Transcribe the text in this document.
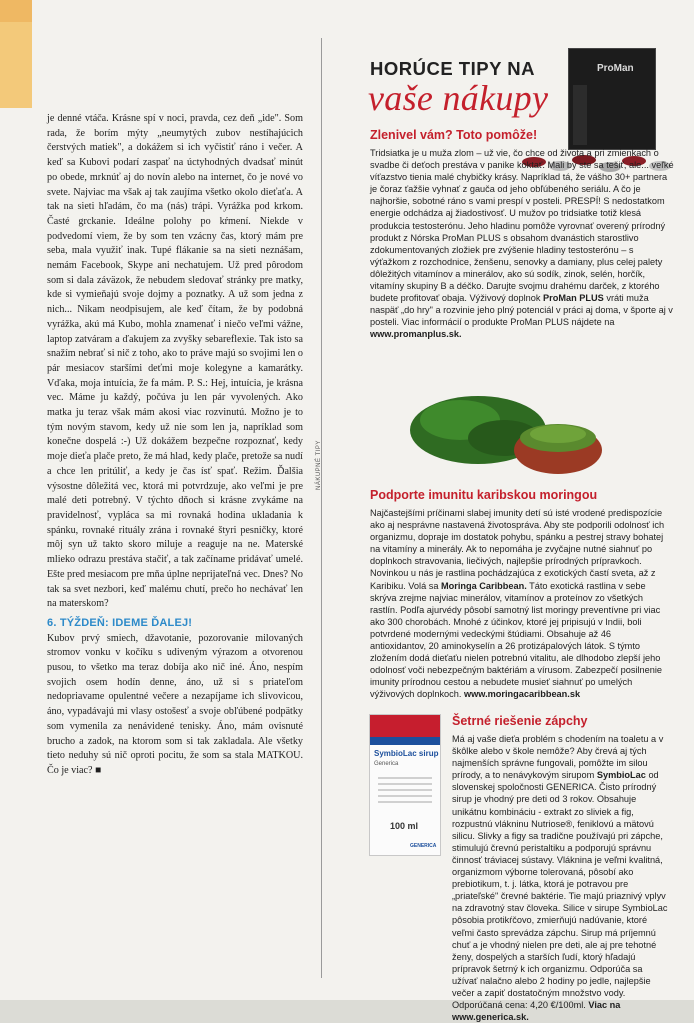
je denné vtáča. Krásne spí v noci, pravda, cez deň „ide". Som rada, že borím mýty „neumytých zubov nestíhajúcich čerstvých matiek", a dokážem si ich vyčistiť ráno i večer. A keď sa Kubovi podarí zaspať na úctyhodných dvadsať minút po obede, mrknúť aj do novín alebo na internet, čo je nové vo svete. Najviac ma však aj tak zaujíma všetko okolo dieťaťa. A tak na sieti hľadám, čo ma (nás) trápi. Vyrážka pod krkom. Časté grckanie. Ideálne polohy po kŕmení. Niekde v podvedomí viem, že by som ten vzácny čas, ktorý mám pre seba, mala využiť inak. Tupé flákanie sa na sieti neznášam, nemám Facebook, Skype ani nechatujem. Už pred pôrodom som si dala záväzok, že nebudem sledovať stránky pre matky, kde si vymieňajú svoje dojmy a poznatky. A už som jedna z nich... Nikam neodpisujem, ale keď čítam, že by podobná vyrážka, akú má Kubo, mohla znamenať i niečo veľmi vážne, laptop zatváram a ďakujem za zvyšky sebareflexie. Tak isto sa snažím nebrať si nič z toho, ako to práve majú so svojimi len o pár mesiacov staršími deťmi moje kolegyne a kamarátky. Vďaka, moja intuícia, že fa mám. P. S.: Hej, intuícia, je krásna vec. Máme ju každý, počúva ju len pár vyvolených. Ako matka ju teraz však mám akosi viac rozvinutú. Možno je to tým novým stavom, kedy už nie som len ja, napríklad som konečne dospelá :-) Už dokážem bezpečne rozpoznať, kedy moje dieťa plače preto, že má hlad, kedy plače, pretože sa nudí a chce len pritúliť, a kedy je čas ísť spať. Režim. Ďalšia výsostne dôležitá vec, ktorá mi potvrdzuje, ako veľmi je pre malé deti potrebný. V týchto dňoch si krásne zvykáme na pravidelnosť, vypláca sa mi rovnaká hodina ukladania k spánku, rovnaké rituály zrána i rovnaké štyri pesničky, ktoré môj syn už takto skoro miluje a reaguje na ne. Materské mlieko odrazu prestáva stačiť, a tak začíname pridávať umelé. Ešte pred mesiacom pre mňa úplne neprijateľná vec. Dnes? No tak sa svet nezbori, keď malému chutí, prečo ho nechávať len na materskom?

6. TÝŽDEŇ: IDEME ĎALEJ!

Kubov prvý smiech, džavotanie, pozorovanie milovaných stromov vonku v kočíku s udiveným výrazom a otvorenou pusou, to všetko ma teraz dobíja ako nič iné. Áno, nespím svojich osem hodín denne, áno, už si s priateľom nedopriavame opulentné večere a nezapíjame ich slivovicou, áno, vypadávajú mi vlasy ostošesť a svoje obľúbené podpätky som vymenila za nenávidené tenisky. Áno, mám ovisnuté brucho a zadok, na ktorom som si tak zakladala. Ale všetky tieto neduhy sú nič oproti pocitu, že som sa stala MATKOU. Čo je viac? ■

NÁKUPNÉ TIPY
HORÚCE TIPY NA
vaše nákupy
ProMan
Zlenivel vám? Toto pomôže!
Tridsiatka je u muža zlom – už vie, čo chce od života a pri zmienkach o svadbe či deťoch prestáva v panike koktať. Mali by ste sa tešiť, ale... veľké víťazstvo tienia malé chybičky krásy. Napríklad tá, že vášho 30+ partnera je čoraz ťažšie vyhnať z gauča od jeho obľúbeného seriálu. A čo je najhoršie, sobotné ráno s vami prespí v posteli. PRESPÍ! S nedostatkom energie odchádza aj žiadostivosť. U mužov po tridsiatke totiž klesá produkcia testosterónu. Jeho hladinu pomôže vyrovnať overený prírodný produkt z Nórska ProMan PLUS s obsahom dvanástich starostlivo zdokumentovaných zložiek pre zvýšenie hladiny testosterónu – s výťažkom z rozchodnice, ženšenu, senovky a damiany, plus celej palety dôležitých vitamínov a minerálov, ako sú sodík, zinok, selén, horčík, vitamíny skupiny B a déčko. Darujte svojmu drahému darček, z ktorého budete profitovať obaja. Výživový doplnok ProMan PLUS vráti muža naspäť „do hry" a rozvinie jeho plný potenciál v práci aj doma, v športe aj v posteli. Viac informácií o produkte ProMan PLUS nájdete na www.promanplus.sk.
Podporte imunitu karibskou moringou
Najčastejšími príčinami slabej imunity detí sú isté vrodené predispozície ako aj nesprávne nastavená životospráva. Aby ste podporili odolnosť ich organizmu, dopraje im dostatok pohybu, spánku a pestrej stravy bohatej na vitamíny a minerály. Ak to nepomáha je zvyčajne nutné siahnuť po doplnkoch stravovania, liečivých, najlepšie prírodných prípravkoch. Novinkou u nás je rastlina pochádzajúca z exotických častí sveta, až z Karibiku. Volá sa Moringa Caribbean. Táto exotická rastlina v sebe skrýva zrejme najviac minerálov, vitamínov a proteínov zo všetkých rastlín. Podľa ajurvédy pôsobí samotný list moringy preventívne pri viac ako 300 chorobách. Mnohé z účinkov, ktoré jej pripisujú v Indii, boli potvrdené modernými vedeckými štúdiami. Obsahuje až 46 antioxidantov, 20 aminokyselín a 26 protizápalových látok. S týmto zložením dodá dieťaťu nielen potrebnú vitalitu, ale dlhodobo zlepší jeho odolnosť voči nebezpečným baktériám a vírusom. Zabezpečí posilnenie imunity prírodnou cestou a nebudete musieť siahnuť po umelých výživových doplnkoch. www.moringacaribbean.sk
SymbioLac sirup
Generica
100 ml
GENERICA
Šetrné riešenie zápchy
Má aj vaše dieťa problém s chodením na toaletu a v škôlke alebo v škole nemôže? Aby črevá aj tých najmenších správne fungovali, pomôžte im silou prírody, a to nenávykovým sirupom SymbioLac od slovenskej spoločnosti GENERICA. Čisto prírodný sirup je vhodný pre deti od 3 rokov. Obsahuje unikátnu kombináciu - extrakt zo sliviek a fig, rozpustnú vlákninu Nutriose®, feniklovú a mätovú silicu. Slivky a figy sa tradične používajú pri zápche, stimulujú črevnú peristaltiku a podporujú správnu činnosť tráviacej sústavy. Vláknina je veľmi kvalitná, organizmom výborne tolerovaná, pôsobí ako prebiotikum, t. j. látka, ktorá je potravou pre „priateľské" črevné baktérie. Tie majú priaznivý vplyv na zdravotný stav človeka. Silice v sirupe SymbioLac pôsobia protikŕčovo, zmierňujú nadúvanie, ktoré veľmi často sprevádza zápchu. Sirup má príjemnú chuť a je vhodný nielen pre deti, ale aj pre tehotné ženy, dospelých a starších ľudí, ktorý hľadajú prípravok šetrný k ich organizmu. Odporúča sa užívať nalačno alebo 2 hodiny po jedle, najlepšie večer a zapiť dostatočným množstvo vody. Odporúčaná cena: 4,20 €/100ml. Viac na www.generica.sk.
